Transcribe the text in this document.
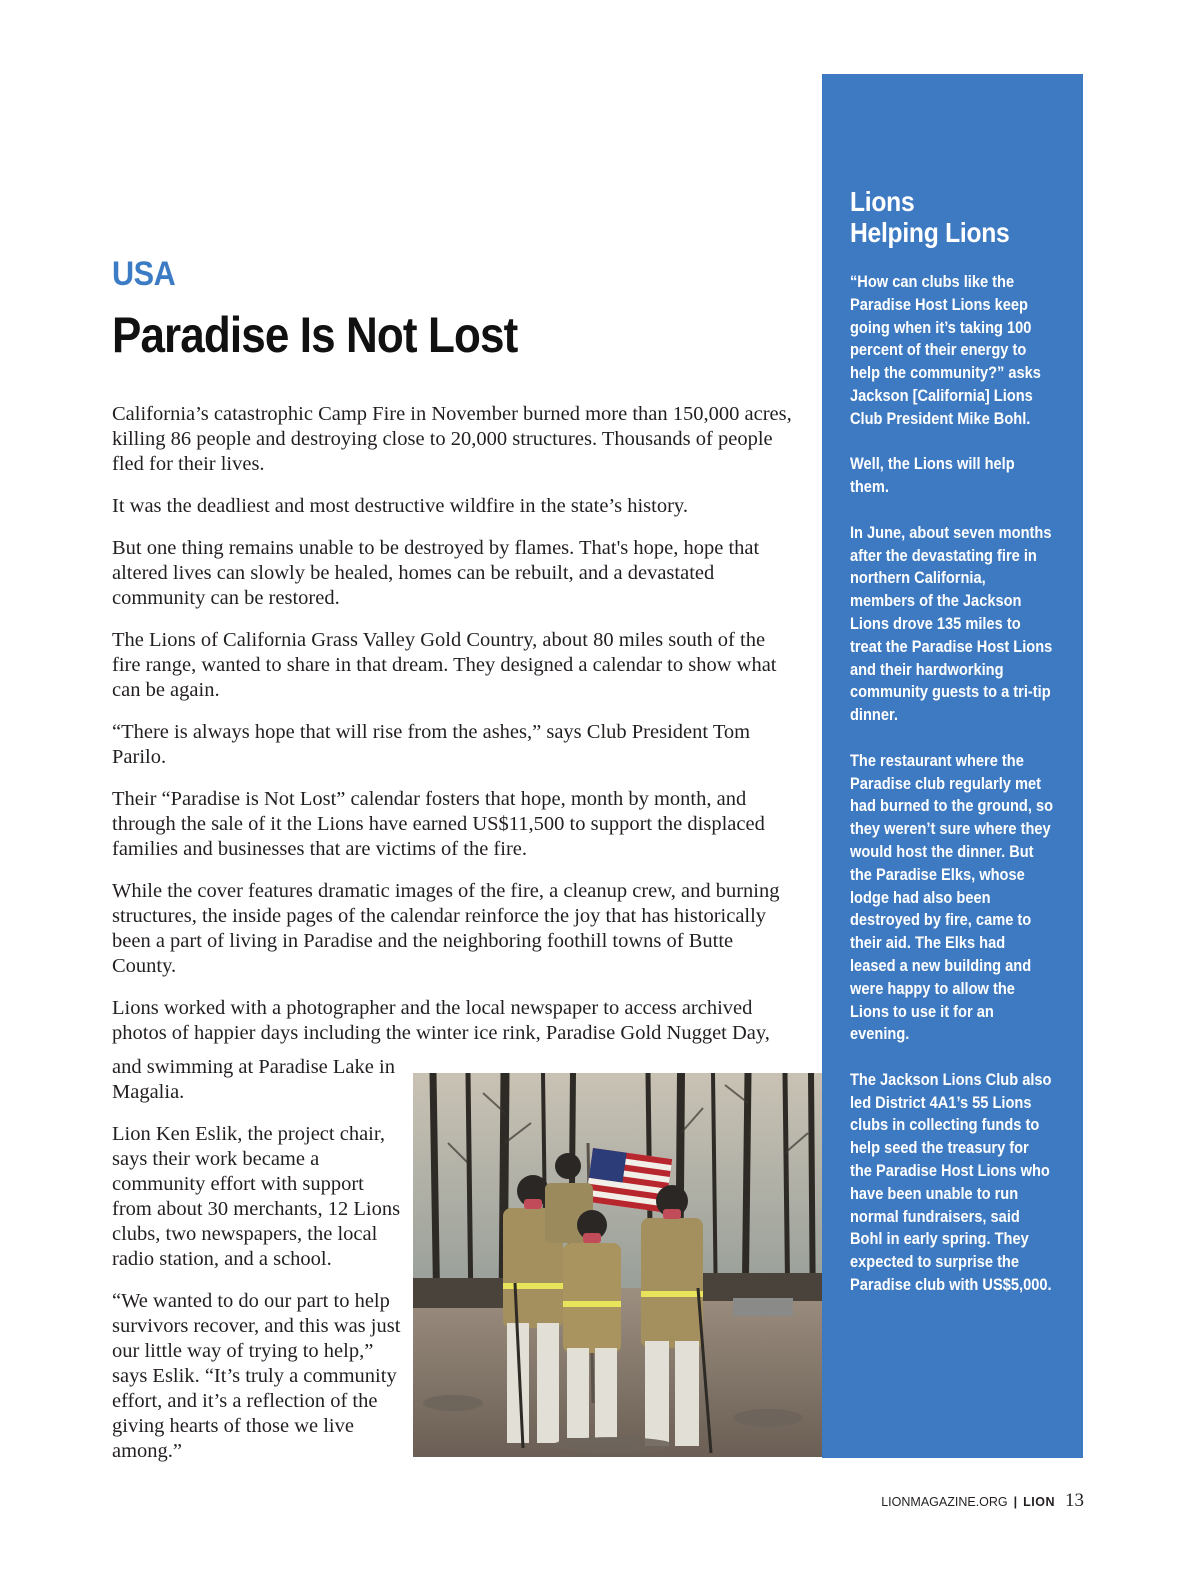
USA
Paradise Is Not Lost

California’s catastrophic Camp Fire in November burned more than 150,000 acres, killing 86 people and destroying close to 20,000 structures. Thousands of people fled for their lives.

It was the deadliest and most destructive wildfire in the state’s history.

But one thing remains unable to be destroyed by flames. That's hope, hope that altered lives can slowly be healed, homes can be rebuilt, and a devastated community can be restored.

The Lions of California Grass Valley Gold Country, about 80 miles south of the fire range, wanted to share in that dream. They designed a calendar to show what can be again.

“There is always hope that will rise from the ashes,” says Club President Tom Parilo.

Their “Paradise is Not Lost” calendar fosters that hope, month by month, and through the sale of it the Lions have earned US$11,500 to support the displaced families and businesses that are victims of the fire.

While the cover features dramatic images of the fire, a cleanup crew, and burning structures, the inside pages of the calendar reinforce the joy that has historically been a part of living in Paradise and the neighboring foothill towns of Butte County.

Lions worked with a photographer and the local newspaper to access archived photos of happier days including the winter ice rink, Paradise Gold Nugget Day,

and swimming at Paradise Lake in Magalia.

Lion Ken Eslik, the project chair, says their work became a community effort with support from about 30 merchants, 12 Lions clubs, two newspapers, the local radio station, and a school.

“We wanted to do our part to help survivors recover, and this was just our little way of trying to help,” says Eslik. “It’s truly a community effort, and it’s a reflection of the giving hearts of those we live among.”

Lions
Helping Lions

“How can clubs like the Paradise Host Lions keep going when it’s taking 100 percent of their energy to help the community?” asks Jackson [California] Lions Club President Mike Bohl.

Well, the Lions will help them.

In June, about seven months after the devastating fire in northern California, members of the Jackson Lions drove 135 miles to treat the Paradise Host Lions and their hardworking community guests to a tri-tip dinner.

The restaurant where the Paradise club regularly met had burned to the ground, so they weren’t sure where they would host the dinner. But the Paradise Elks, whose lodge had also been destroyed by fire, came to their aid. The Elks had leased a new building and were happy to allow the Lions to use it for an evening.

The Jackson Lions Club also led District 4A1’s 55 Lions clubs in collecting funds to help seed the treasury for the Paradise Host Lions who have been unable to run normal fundraisers, said Bohl in early spring. They expected to surprise the Paradise club with US$5,000.

LIONMAGAZINE.ORG | LION 13
